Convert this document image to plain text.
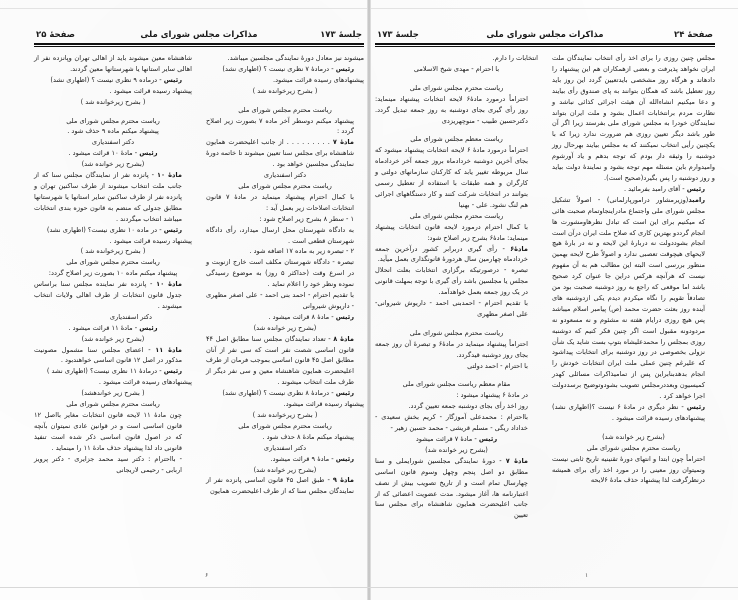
جلسهٔ ۱۷۳
مذاکرات مجلس شورای ملی
صفحهٔ ۲۵

میشوند نیز معادل دورهٔ نمایندگی مجلسین میباشد.

رئیس - درمادهٔ ۷ نظری نیست ؟ (اظهاری نشد)

پیشنهادهای رسیده قرائت میشود.

( بشرح زیرخوانده شد )

ریاست محترم مجلس شورای ملی

پیشنهاد میکنم دوسطر آخر ماده ۷ بصورت زیر اصلاح گردد :

مادهٔ ۷ . . . . . . . . . از جانب اعلیحضرت همایون شاهنشاه برای مجلس سنا تعیین میشوند تا خاتمه دورهٔ نمایندگی مجلسین خواهد بود .

دکتر اسفندیاری

ریاست محترم مجلس شورای ملی

با کمال احترام پیشنهاد مینماید در مادهٔ ۷ قانون انتخابات اصلاحات زیر بعمل آید :

۱ - سطر ۸ بشرح زیر اصلاح شود :

به دادگاه شهرستان محل ارسال میدارد، رأی دادگاه شهرستان قطعی است .

۲ - تبصره زیر به ماده ۱۷ اضافه شود .

تبصره - دادگاه شهرستان مکلف است خارج ازنوبت و در اسرع وقت (حداکثر ۵ روز) به موضوع رسیدگی نموده ونظر خود را اعلام نماید .

با تقدیم احترام - احمد بنی احمد - علی اصغر مظهری - داریوش شیروانی

رئیس - مادهٔ ۸ قرائت میشود .

(بشرح زیر خوانده شد)

مادهٔ ۸ - تعداد نمایندگان مجلس سنا مطابق اصل ۴۴ قانون اساسی شصت نفر است که سی نفر از آنان مطابق اصل ۴۵ قانون اساسی بموجب فرمان از طرف اعلیحضرت همایون شاهنشاه معین و سی نفر دیگر از طرف ملت انتخاب میشوند .

رئیس - درمادهٔ ۸ نظری نیست ؟ (اظهاری نشد)

پیشنهاد رسیده قرائت میشود.

( بشرح زیرخوانده شد )

ریاست محترم مجلس شورای ملی

پیشنهاد میکنم مادهٔ ۸ حذف شود .

دکتر اسفندیاری

رئیس - مادهٔ ۹ قرائت میشود.

(بشرح زیر خوانده شد)

مادهٔ ۹ - طبق اصل ۴۵ قانون اساسی پانزده نفر از نمایندگان مجلس سنا که از طرف اعلیحضرت همایون

شاهنشاه معین میشوند باید از اهالی تهران وپانزده نفر از اهالی سایر استانها یا شهرستانها معین گردند.

رئیس - درماده ۹ نظری نیست ؟ (اظهاری نشد)

پیشنهاد رسیده قرائت میشود .

( بشرح زیرخوانده شد )

ریاست محترم مجلس شورای ملی

پیشنهاد میکنم ماده ۹ حذف شود .

دکتر اسفندیاری

رئیس - مادهٔ ۱۰ قرائت میشود .

(بشرح زیر خوانده شد)

مادهٔ ۱۰ - پانزده نفر از نمایندگان مجلس سنا که از جانب ملت انتخاب میشوند از طرف ساکنین تهران و پانزده نفر از طرف ساکنین سایر استانها یا شهرستانها مطابق جدولی که منضم به قانون حوزه بندی انتخابات میباشد انتخاب میگردند .

رئیس - در ماده ۱۰ نظری نیست؟ (اظهاری نشد)

پیشنهاد رسیده قرائت میشود .

( بشرح زیرخوانده شد )

ریاست محترم مجلس شورای ملی

پیشنهاد میکنم ماده ۱۰ بصورت زیر اصلاح گردد:

مادهٔ ۱۰ - پانزده نفر نماینده مجلس سنا براساس جدول قانون انتخابات از طرف اهالی ولایات انتخاب میشوند .

دکتر اسفندیاری

رئیس - مادهٔ ۱۱ قرائت میشود .

(بشرح زیر خوانده شد)

مادهٔ ۱۱ - اعضای مجلس سنا مشمول مصونیت مذکور در اصل ۱۲ قانون اساسی خواهندبود .

رئیس - درمادهٔ ۱۱ نظری نیست؟ (اظهاری نشد )

پیشنهادهای رسیده قرائت میشود .

( بشرح زیر خواندهشد)

ریاست محترم مجلس شورای ملی

چون مادهٔ ۱۱ لایحه قانون انتخابات مغایر بااصل ۱۲ قانون اساسی است و در قوانین عادی نمیتوان بآنچه که در اصول قانون اساسی ذکر شده است تنفیذ قانونی داد لذا پیشنهاد حذف مادهٔ ۱۱ را مینماید .

- بااحترام : دکتر سید محمد جزایری - دکتر پرویز اربابی - رحیمی لاریجانی

۶
صفحهٔ ۲۴
مذاکرات مجلس شورای ملی
جلسهٔ ۱۷۳

مجلس چنین روزی را برای اخذ رأی انتخاب نمایندگان ملت ایران نخواهد پذیرفت و بعضی ازهمکاران هم این پیشنهاد را دادهاند و هرگاه روز مشخصی بایدتعیین گردد این روز باید روز تعطیل باشد که همگان بتوانند به پای صندوق رأی بیایند و دعا میکنیم انشاءالله آن هیئت اجرائی کذائی نباشد و نظارت مردم برانتخابات اعمال بشود و ملت ایران بتواند نمایندگان خودرا به مجلس شورای ملی بفرستد زیرا اگر آن طور باشد دیگر تعیین روزی هم ضرورت ندارد زیرا که با یکچنین رأیی انتخاب نمیکنند که به مجلس بیایند بهرحال روز دوشنبه را وثیقه دار بودم که توجه بدهم و یاد آورشوم وامیدوارم باین مسئله مهم توجه بشود و نمایندهٔ دولت بیاید و روز دوشنبه را پس بگیرد(صحیح است).

رئیس - آقای رامبد بفرمائید .

رامبد(وزیرمشاور درامورپارلمانی) - اصولاً تشکیل مجلس شورای ملی واجتماع مادراینجاوتمام صحبت هائی که میکنیم برای این است که تبادل نظرهاومشورت ها انجام گرددو بهترین کاری که صلاح ملت ایران درآن است انجام بشوددولت نه دربارهٔ این لایحه و نه در بارهٔ هیچ لایحهای هیچوقت تعصبی ندارد و اصولاً طرح لایحه بهمین منظور بررسی است البته این مطالب هم به آن مفهوم نیست که هرآنچه هرکس دراین جا عنوان کرد صحیح باشد اما موقعی که راجع به روز دوشنبه صحبت بود من تصادفاً تقویم را نگاه میکردم دیدم یکی ازدوشنبه های آینده روز بعثت حضرت محمد (ص) پیامبر اسلام میباشد پس هیچ روزی درایام هفته نه مشئوم و نه مسعودو نه مردودونه مقبول است اگر چنین فکر کنیم که دوشنبه روزی بمجلس را محمدعلیشاه بتوپ بست شاید یک شأن نزولی بخصوصی در روز دوشنبه برای انتخابات پیداشود که علیرغم چنین عملی ملت ایران انتخابات خودش را انجام بدهدبنابراین پس از تمامیذاکرات مسائلی کهدر کمیسیون وبعددرمجلس تصویب بشودوتوضیح برسددولت اجرا خواهد کرد .

رئیس - نظر دیگری در مادهٔ ۶ نیست ؟(اظهاری نشد) پیشنهادهای رسیده قرائت میشود .

(بشرح زیر خوانده شد)

ریاست محترم مجلس شورای ملی

احتراماً چون ابتدا و انتهای دورهٔ تقنینیه تاریخ ثابتی نیست ونمیتوان روز معینی را در مورد اخذ رأی برای همیشه درنظرگرفت لذا پیشنهاد حذف مادهٔ ۶لایحه

انتخابات را دارم.

با احترام - مهدی شیخ الاسلامی

ریاست محترم مجلس شورای ملی

احتراماً درمورد مادهٔ۶ لایحه انتخابات پیشنهاد مینماید: روز رأی گیری بجای دوشنبه به روز جمعه تبدیل گردد. دکترحسین طبیب - منوچهریزدی

ریاست معظم مجلس شورای ملی

احتراماً درمورد مادهٔ ۶ لایحه انتخابات پیشنهاد میشود که بجای آخرین دوشنبه خردادماه بروز جمعه آخر خردادماه سال مربوطه تغییر یابد که کارکنان سازمانهای دولتی و کارگران و همه طبقات با استفاده از تعطیل رسمی بتوانند در انتخابات شرکت کنند و کار دستگاههای اجرائی هم لنگ نشود. علی - بهنیا

ریاست محترم مجلس شورای ملی

با کمال احترام درمورد لایحه قانون انتخابات پیشنهاد مینماید: مادهٔ۶ بشرح زیر اصلاح شود:

مادهٔ۶ - رأی گیری دربرابر کشور درآخرین جمعه خردادماه چهارمین سال هردورهٔ قانونگذاری بعمل میآید.

تبصره - درصورتیکه برگزاری انتخابات بعلت انحلال مجلس یا مجلسین باشد رأی گیری با توجه بمهلت قانونی در یک روز جمعه بعمل خواهدآمد.

با تقدیم احترام - احمدبنی احمد - داریوش شیروانی- علی اصغر مظهری

ریاست محترم مجلس شورای ملی

احتراماً پیشنهاد مینماید در مادهٔ۶ و تبصرهٔ آن روز جمعه بجای روز دوشنبه قیدگردد.

با احترام - احمد دولتی

مقام معظم ریاست مجلس شورای ملی

در مادهٔ ۶ پیشنهاد میشود :

روز اخذ رأی بجای دوشنبه جمعه تعیین گردد.

بااحترام : محمدعلی آموزگار - کریم بخش سعیدی - خداداد ریگی - مسلم قریشی - محمد حسین زهیر -

رئیس - مادهٔ ۷ قرائت میشود

(بشرح زیر خوانده شد)

مادهٔ ۷ - دورهٔ نمایندگی مجلسین شورایملی و سنا مطابق دو اصل پنجم وچهل وسوم قانون اساسی چهارسال تمام است و از تاریخ تصویب بیش از نصف اعتبارنامه ها، آغاز میشود. مدت عضویت اعضائی که از جانب اعلیحضرت همایون شاهنشاه برای مجلس سنا تعیین

۱
